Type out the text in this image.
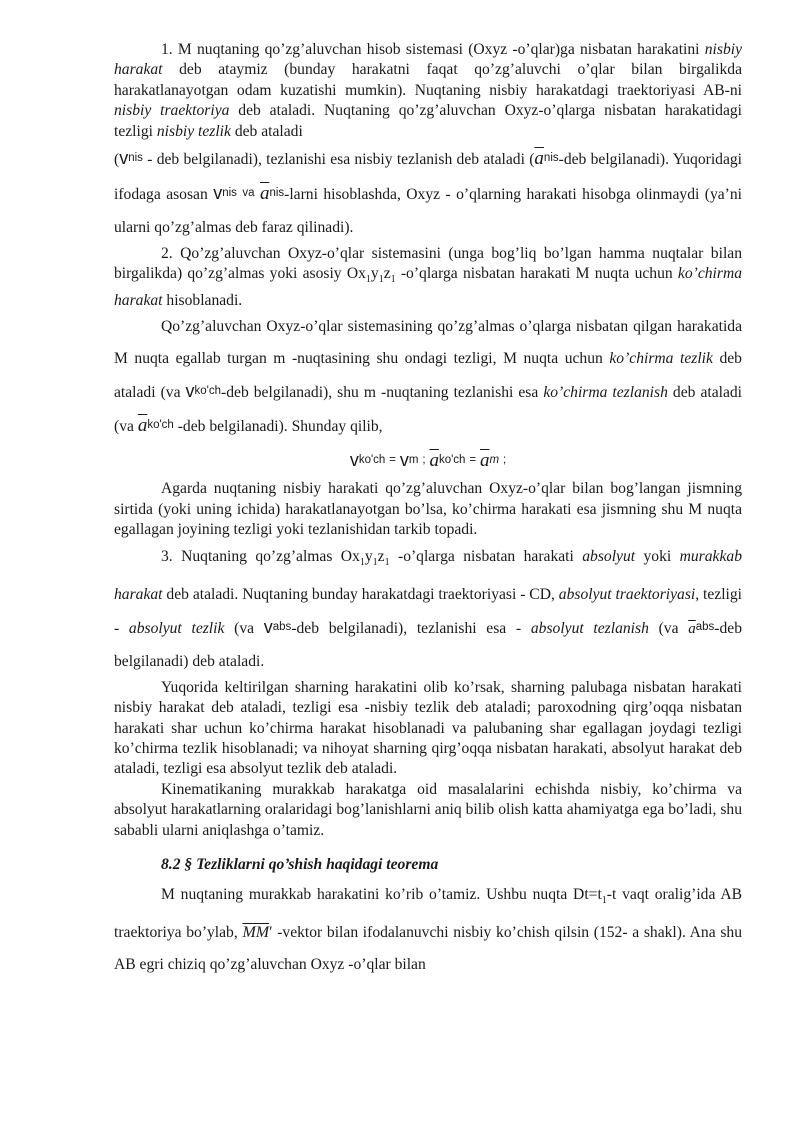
1. M nuqtaning qo’zg’aluvchan hisob sistemasi (Oxyz -o’qlar)ga nisbatan harakatini nisbiy harakat deb ataymiz (bunday harakatni faqat qo’zg’aluvchi o’qlar bilan birgalikda harakatlanayotgan odam kuzatishi mumkin). Nuqtaning nisbiy harakatdagi traektoriyasi AB-ni nisbiy traektoriya deb ataladi. Nuqtaning qo’zg’aluvchan Oxyz-o’qlarga nisbatan harakatidagi tezligi nisbiy tezlik deb ataladi

(vnis - deb belgilanadi), tezlanishi esa nisbiy tezlanish deb ataladi ($\overline{a}nis$-deb belgilanadi). Yuqoridagi ifodaga asosan vnis va $\overline{a}nis$-larni hisoblashda, Oxyz - o’qlarning harakati hisobga olinmaydi (ya’ni ularni qo’zg’almas deb faraz qilinadi).

2. Qo’zg’aluvchan Oxyz-o’qlar sistemasini (unga bog’liq bo’lgan hamma nuqtalar bilan birgalikda) qo’zg’almas yoki asosiy $Ox_1y_1z_1$ -o’qlarga nisbatan harakati M nuqta uchun ko’chirma harakat hisoblanadi.

Qo’zg’aluvchan Oxyz-o’qlar sistemasining qo’zg’almas o’qlarga nisbatan qilgan harakatida M nuqta egallab turgan m -nuqtasining shu ondagi tezligi, M nuqta uchun ko’chirma tezlik deb ataladi (va vko'ch-deb belgilanadi), shu m -nuqtaning tezlanishi esa ko’chirma tezlanish deb ataladi (va $\overline{a}ko'ch$ -deb belgilanadi). Shunday qilib,

vko'ch = vm ; $\overline{a}ko'ch = \overline{a}m$ ;

Agarda nuqtaning nisbiy harakati qo’zg’aluvchan Oxyz-o’qlar bilan bog’langan jismning sirtida (yoki uning ichida) harakatlanayotgan bo’lsa, ko’chirma harakati esa jismning shu M nuqta egallagan joyining tezligi yoki tezlanishidan tarkib topadi.

3. Nuqtaning qo’zg’almas $Ox_1y_1z_1$ -o’qlarga nisbatan harakati absolyut yoki murakkab harakat deb ataladi. Nuqtaning bunday harakatdagi traektoriyasi - CD, absolyut traektoriyasi, tezligi - absolyut tezlik (va vabs-deb belgilanadi), tezlanishi esa - absolyut tezlanish (va $\overline{a}abs$-deb belgilanadi) deb ataladi.

Yuqorida keltirilgan sharning harakatini olib ko’rsak, sharning palubaga nisbatan harakati nisbiy harakat deb ataladi, tezligi esa -nisbiy tezlik deb ataladi; paroxodning qirg’oqqa nisbatan harakati shar uchun ko’chirma harakat hisoblanadi va palubaning shar egallagan joydagi tezligi ko’chirma tezlik hisoblanadi; va nihoyat sharning qirg’oqqa nisbatan harakati, absolyut harakat deb ataladi, tezligi esa absolyut tezlik deb ataladi.

Kinematikaning murakkab harakatga oid masalalarini echishda nisbiy, ko’chirma va absolyut harakatlarning oralaridagi bog’lanishlarni aniq bilib olish katta ahamiyatga ega bo’ladi, shu sababli ularni aniqlashga o’tamiz.

8.2 § Tezliklarni qo’shish haqidagi teorema

M nuqtaning murakkab harakatini ko’rib o’tamiz. Ushbu nuqta $Dt=t_1-t$ vaqt oralig’ida AB traektoriya bo’ylab, $\overline{MM}'$ -vektor bilan ifodalanuvchi nisbiy ko’chish qilsin (152- a shakl). Ana shu AB egri chiziq qo’zg’aluvchan Oxyz -o’qlar bilan
